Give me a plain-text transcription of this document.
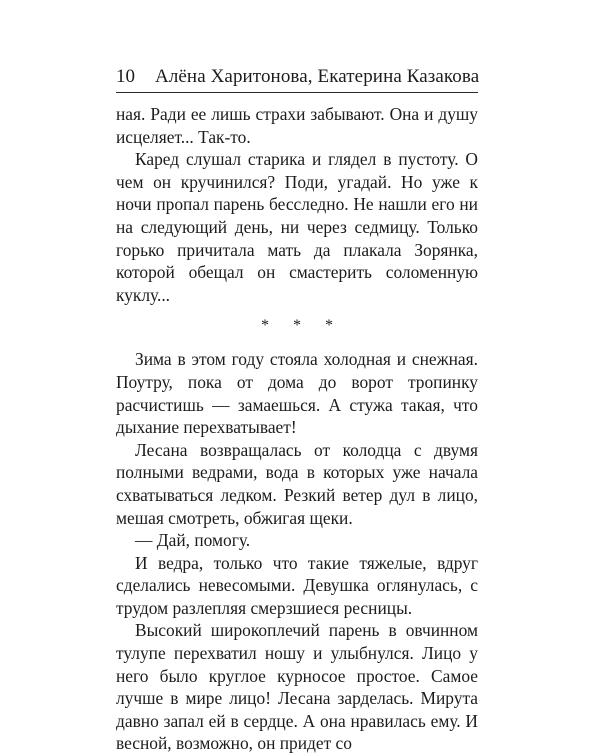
10 Алёна Харитонова, Екатерина Казакова

ная. Ради ее лишь страхи забывают. Она и душу исцеляет... Так-то.

Каред слушал старика и глядел в пустоту. О чем он кручинился? Поди, угадай. Но уже к ночи пропал парень бесследно. Не нашли его ни на следующий день, ни через седмицу. Только горько причитала мать да плакала Зорянка, которой обещал он смастерить соломенную куклу...

* * *

Зима в этом году стояла холодная и снежная. Поутру, пока от дома до ворот тропинку расчистишь — замаешься. А стужа такая, что дыхание перехватывает!

Лесана возвращалась от колодца с двумя полными ведрами, вода в которых уже начала схватываться ледком. Резкий ветер дул в лицо, мешая смотреть, обжигая щеки.

— Дай, помогу.

И ведра, только что такие тяжелые, вдруг сделались невесомыми. Девушка оглянулась, с трудом разлепляя смерзшиеся ресницы.

Высокий широкоплечий парень в овчинном тулупе перехватил ношу и улыбнулся. Лицо у него было круглое курносое простое. Самое лучше в мире лицо! Лесана зарделась. Мирута давно запал ей в сердце. А она нравилась ему. И весной, возможно, он придет со
